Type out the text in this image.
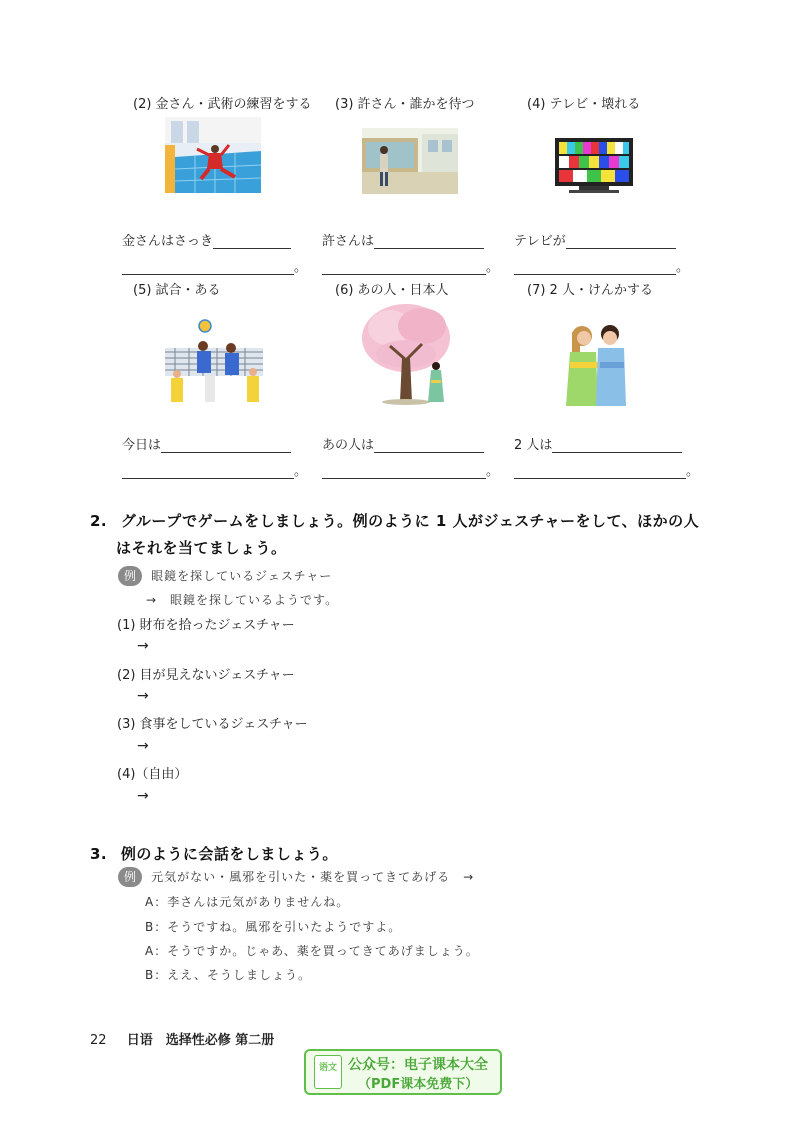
(2) 金さん・武術の練習をする (3) 許さん・誰かを待つ	(4) テレビ・壊れる
金さんはさっき	許さんは	テレビが
。	。	。
(5) 試合・ある	(6) あの人・日本人	(7) 2 人・けんかする
今日は	あの人は	2 人は
。	。	。
2. グループでゲームをしましょう。例のように 1 人がジェスチャーをして、ほかの人
はそれを当てましょう。
例 眼鏡を探しているジェスチャー
→　眼鏡を探しているようです。
(1) 財布を拾ったジェスチャー
→
(2) 目が見えないジェスチャー
→
(3) 食事をしているジェスチャー
→
(4)（自由）
→
3. 例のように会話をしましょう。
例 元気がない・風邪を引いた・薬を買ってきてあげる　→
A：李さんは元気がありませんね。
B：そうですね。風邪を引いたようですよ。
A：そうですか。じゃあ、薬を買ってきてあげましょう。
B：ええ、そうしましょう。
22 日语　选择性必修 第二册
语文 公众号：电子课本大全
（PDF课本免费下）
